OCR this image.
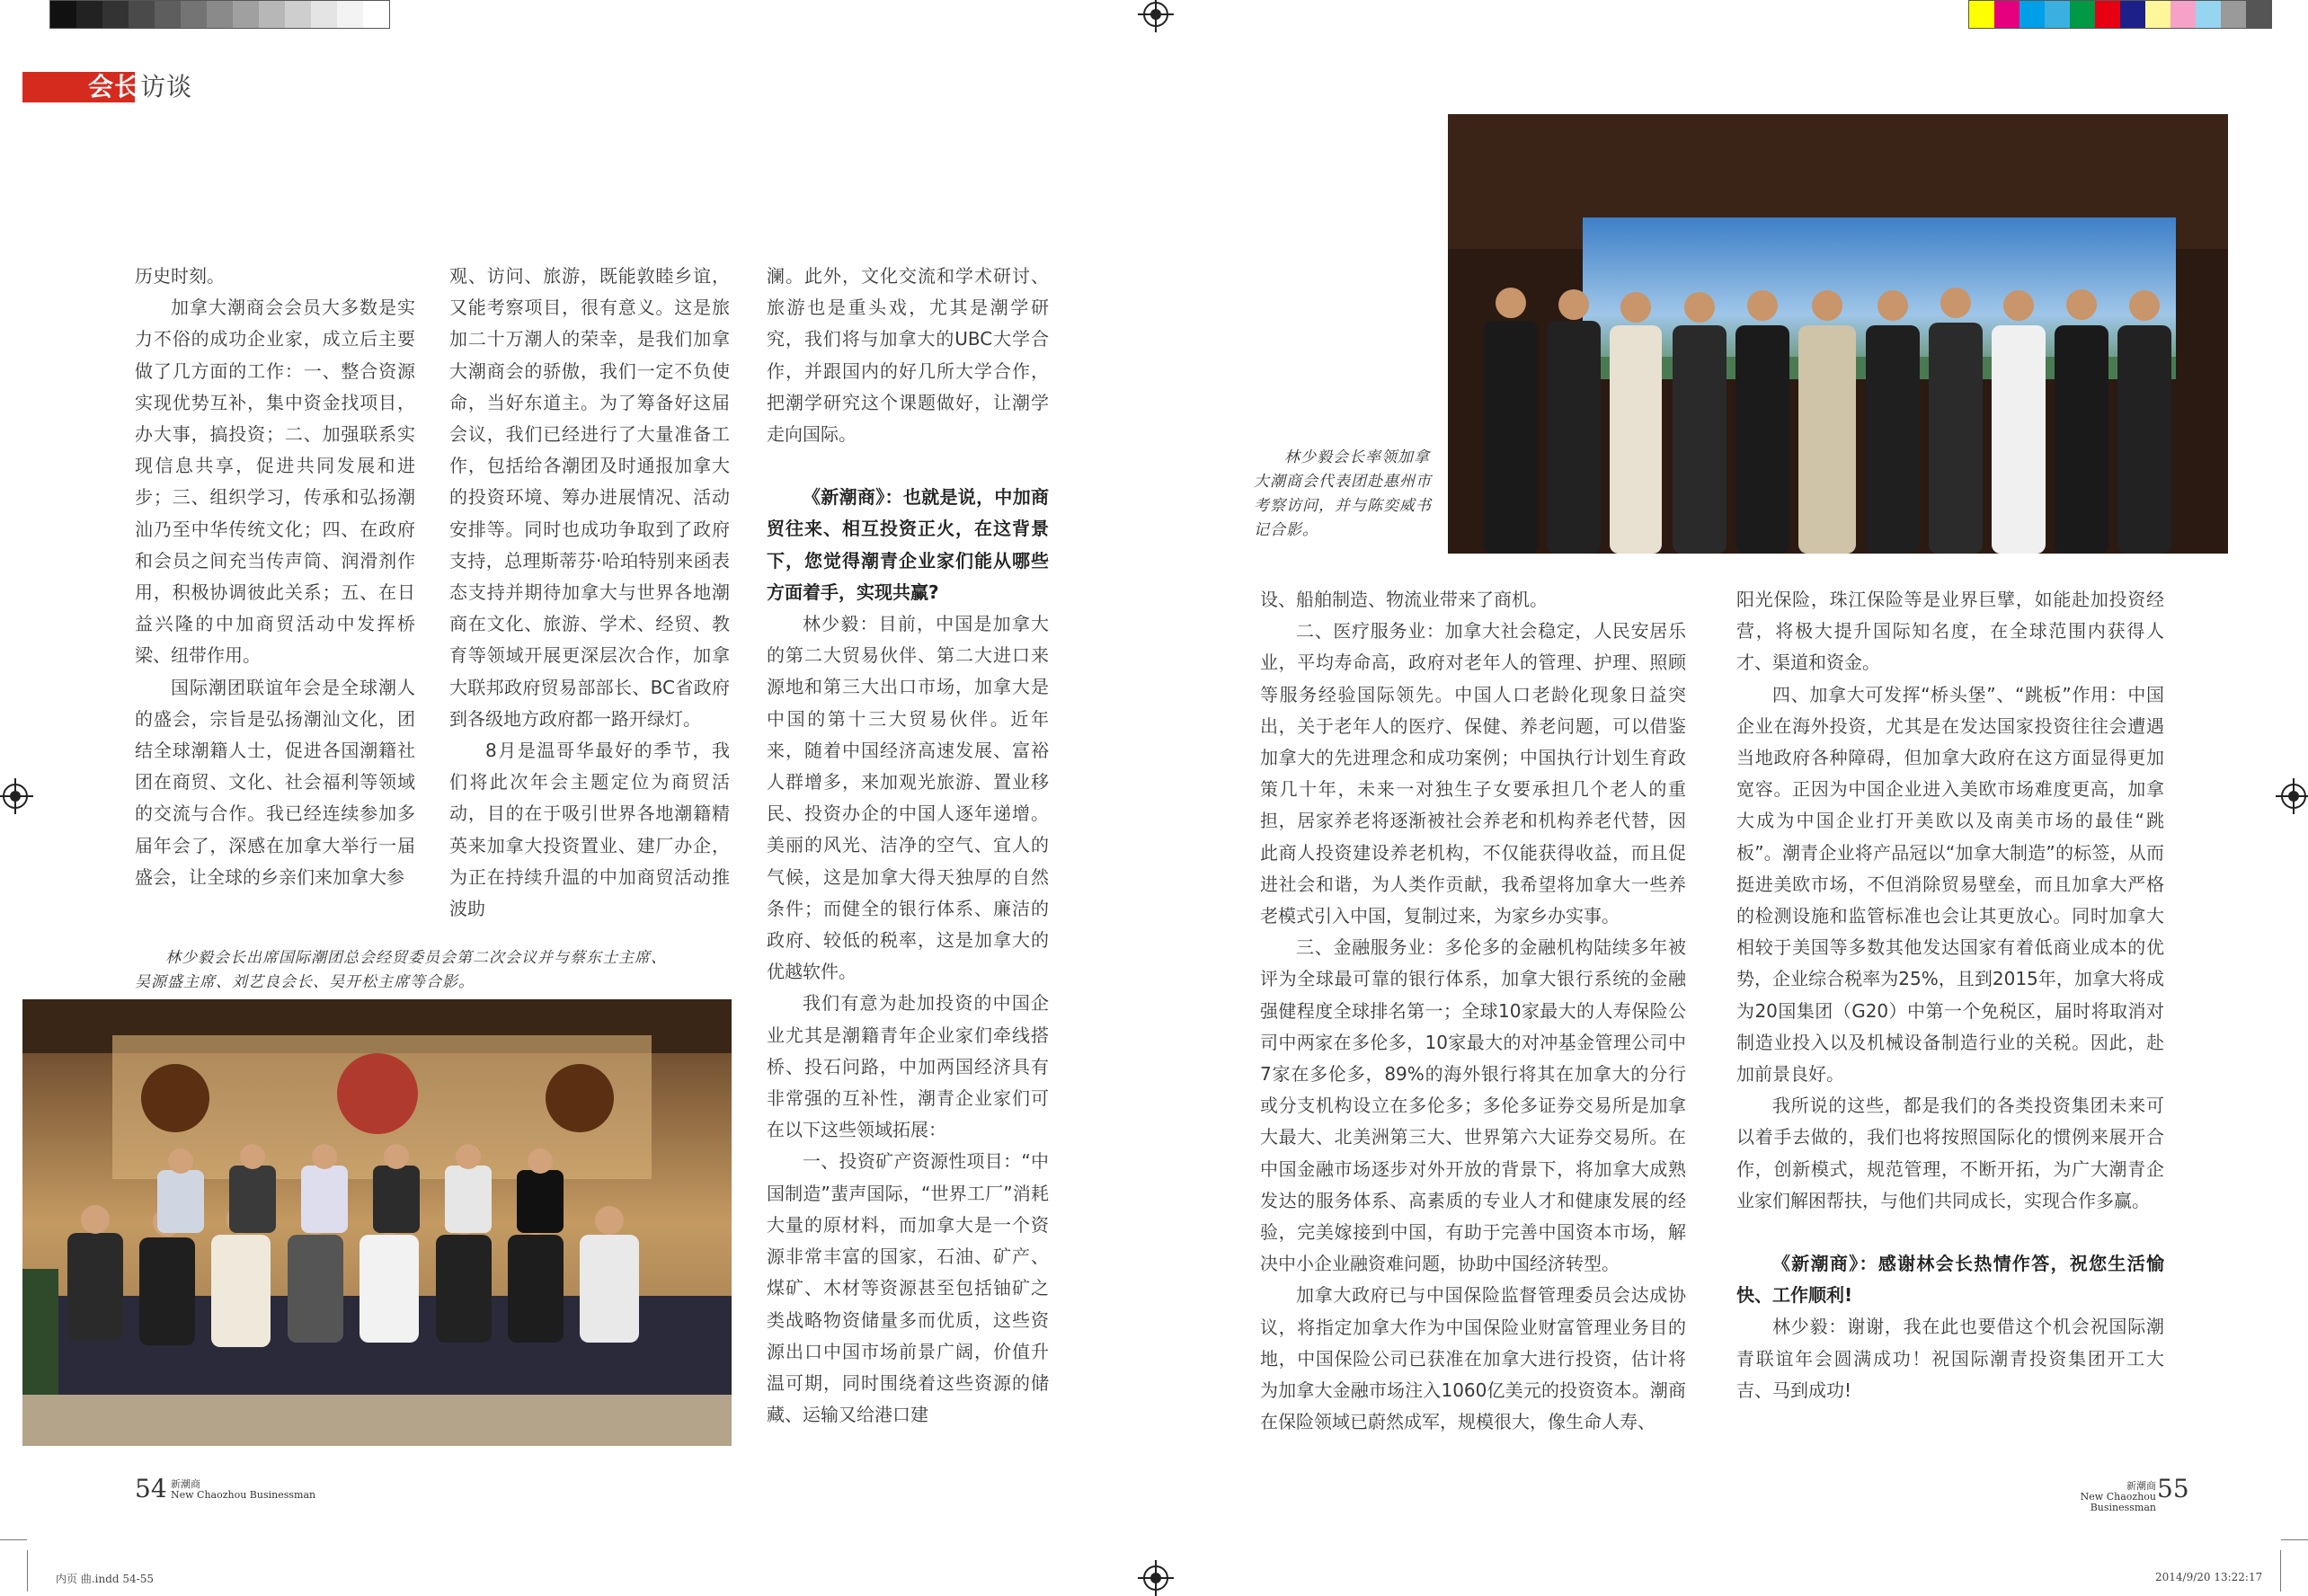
会长访谈

历史时刻。

加拿大潮商会会员大多数是实力不俗的成功企业家，成立后主要做了几方面的工作：一、整合资源实现优势互补，集中资金找项目，办大事，搞投资；二、加强联系实现信息共享，促进共同发展和进步；三、组织学习，传承和弘扬潮汕乃至中华传统文化；四、在政府和会员之间充当传声筒、润滑剂作用，积极协调彼此关系；五、在日益兴隆的中加商贸活动中发挥桥梁、纽带作用。

国际潮团联谊年会是全球潮人的盛会，宗旨是弘扬潮汕文化，团结全球潮籍人士，促进各国潮籍社团在商贸、文化、社会福利等领域的交流与合作。我已经连续参加多届年会了，深感在加拿大举行一届盛会，让全球的乡亲们来加拿大参

观、访问、旅游，既能敦睦乡谊，又能考察项目，很有意义。这是旅加二十万潮人的荣幸，是我们加拿大潮商会的骄傲，我们一定不负使命，当好东道主。为了筹备好这届会议，我们已经进行了大量准备工作，包括给各潮团及时通报加拿大的投资环境、筹办进展情况、活动安排等。同时也成功争取到了政府支持，总理斯蒂芬·哈珀特别来函表态支持并期待加拿大与世界各地潮商在文化、旅游、学术、经贸、教育等领域开展更深层次合作，加拿大联邦政府贸易部部长、BC省政府到各级地方政府都一路开绿灯。

8月是温哥华最好的季节，我们将此次年会主题定位为商贸活动，目的在于吸引世界各地潮籍精英来加拿大投资置业、建厂办企，为正在持续升温的中加商贸活动推波助

澜。此外，文化交流和学术研讨、旅游也是重头戏，尤其是潮学研究，我们将与加拿大的UBC大学合作，并跟国内的好几所大学合作，把潮学研究这个课题做好，让潮学走向国际。

《新潮商》：也就是说，中加商贸往来、相互投资正火，在这背景下，您觉得潮青企业家们能从哪些方面着手，实现共赢?

林少毅：目前，中国是加拿大的第二大贸易伙伴、第二大进口来源地和第三大出口市场，加拿大是中国的第十三大贸易伙伴。近年来，随着中国经济高速发展、富裕人群增多，来加观光旅游、置业移民、投资办企的中国人逐年递增。美丽的风光、洁净的空气、宜人的气候，这是加拿大得天独厚的自然条件；而健全的银行体系、廉洁的政府、较低的税率，这是加拿大的优越软件。

我们有意为赴加投资的中国企业尤其是潮籍青年企业家们牵线搭桥、投石问路，中加两国经济具有非常强的互补性，潮青企业家们可在以下这些领域拓展：

一、投资矿产资源性项目：“中国制造”蜚声国际，“世界工厂”消耗大量的原材料，而加拿大是一个资源非常丰富的国家，石油、矿产、煤矿、木材等资源甚至包括铀矿之类战略物资储量多而优质，这些资源出口中国市场前景广阔，价值升温可期，同时围绕着这些资源的储藏、运输又给港口建

林少毅会长出席国际潮团总会经贸委员会第二次会议并与蔡东士主席、吴源盛主席、刘艺良会长、吴开松主席等合影。
54 新潮商
New Chaozhou Businessman
林少毅会长率领加拿大潮商会代表团赴惠州市考察访问，并与陈奕威书记合影。

设、船舶制造、物流业带来了商机。

二、医疗服务业：加拿大社会稳定，人民安居乐业，平均寿命高，政府对老年人的管理、护理、照顾等服务经验国际领先。中国人口老龄化现象日益突出，关于老年人的医疗、保健、养老问题，可以借鉴加拿大的先进理念和成功案例；中国执行计划生育政策几十年，未来一对独生子女要承担几个老人的重担，居家养老将逐渐被社会养老和机构养老代替，因此商人投资建设养老机构，不仅能获得收益，而且促进社会和谐，为人类作贡献，我希望将加拿大一些养老模式引入中国，复制过来，为家乡办实事。

三、金融服务业：多伦多的金融机构陆续多年被评为全球最可靠的银行体系，加拿大银行系统的金融强健程度全球排名第一；全球10家最大的人寿保险公司中两家在多伦多，10家最大的对冲基金管理公司中7家在多伦多，89%的海外银行将其在加拿大的分行或分支机构设立在多伦多；多伦多证券交易所是加拿大最大、北美洲第三大、世界第六大证券交易所。在中国金融市场逐步对外开放的背景下，将加拿大成熟发达的服务体系、高素质的专业人才和健康发展的经验，完美嫁接到中国，有助于完善中国资本市场，解决中小企业融资难问题，协助中国经济转型。

加拿大政府已与中国保险监督管理委员会达成协议，将指定加拿大作为中国保险业财富管理业务目的地，中国保险公司已获准在加拿大进行投资，估计将为加拿大金融市场注入1060亿美元的投资资本。潮商在保险领域已蔚然成军，规模很大，像生命人寿、

阳光保险，珠江保险等是业界巨擘，如能赴加投资经营，将极大提升国际知名度，在全球范围内获得人才、渠道和资金。

四、加拿大可发挥“桥头堡”、“跳板”作用：中国企业在海外投资，尤其是在发达国家投资往往会遭遇当地政府各种障碍，但加拿大政府在这方面显得更加宽容。正因为中国企业进入美欧市场难度更高，加拿大成为中国企业打开美欧以及南美市场的最佳“跳板”。潮青企业将产品冠以“加拿大制造”的标签，从而挺进美欧市场，不但消除贸易壁垒，而且加拿大严格的检测设施和监管标准也会让其更放心。同时加拿大相较于美国等多数其他发达国家有着低商业成本的优势，企业综合税率为25%，且到2015年，加拿大将成为20国集团（G20）中第一个免税区，届时将取消对制造业投入以及机械设备制造行业的关税。因此，赴加前景良好。

我所说的这些，都是我们的各类投资集团未来可以着手去做的，我们也将按照国际化的惯例来展开合作，创新模式，规范管理，不断开拓，为广大潮青企业家们解困帮扶，与他们共同成长，实现合作多赢。

《新潮商》：感谢林会长热情作答，祝您生活愉快、工作顺利!

林少毅：谢谢，我在此也要借这个机会祝国际潮青联谊年会圆满成功！祝国际潮青投资集团开工大吉、马到成功!

新潮商
New Chaozhou Businessman
55
内页 曲.indd 54-55	2014/9/20 13:22:17
